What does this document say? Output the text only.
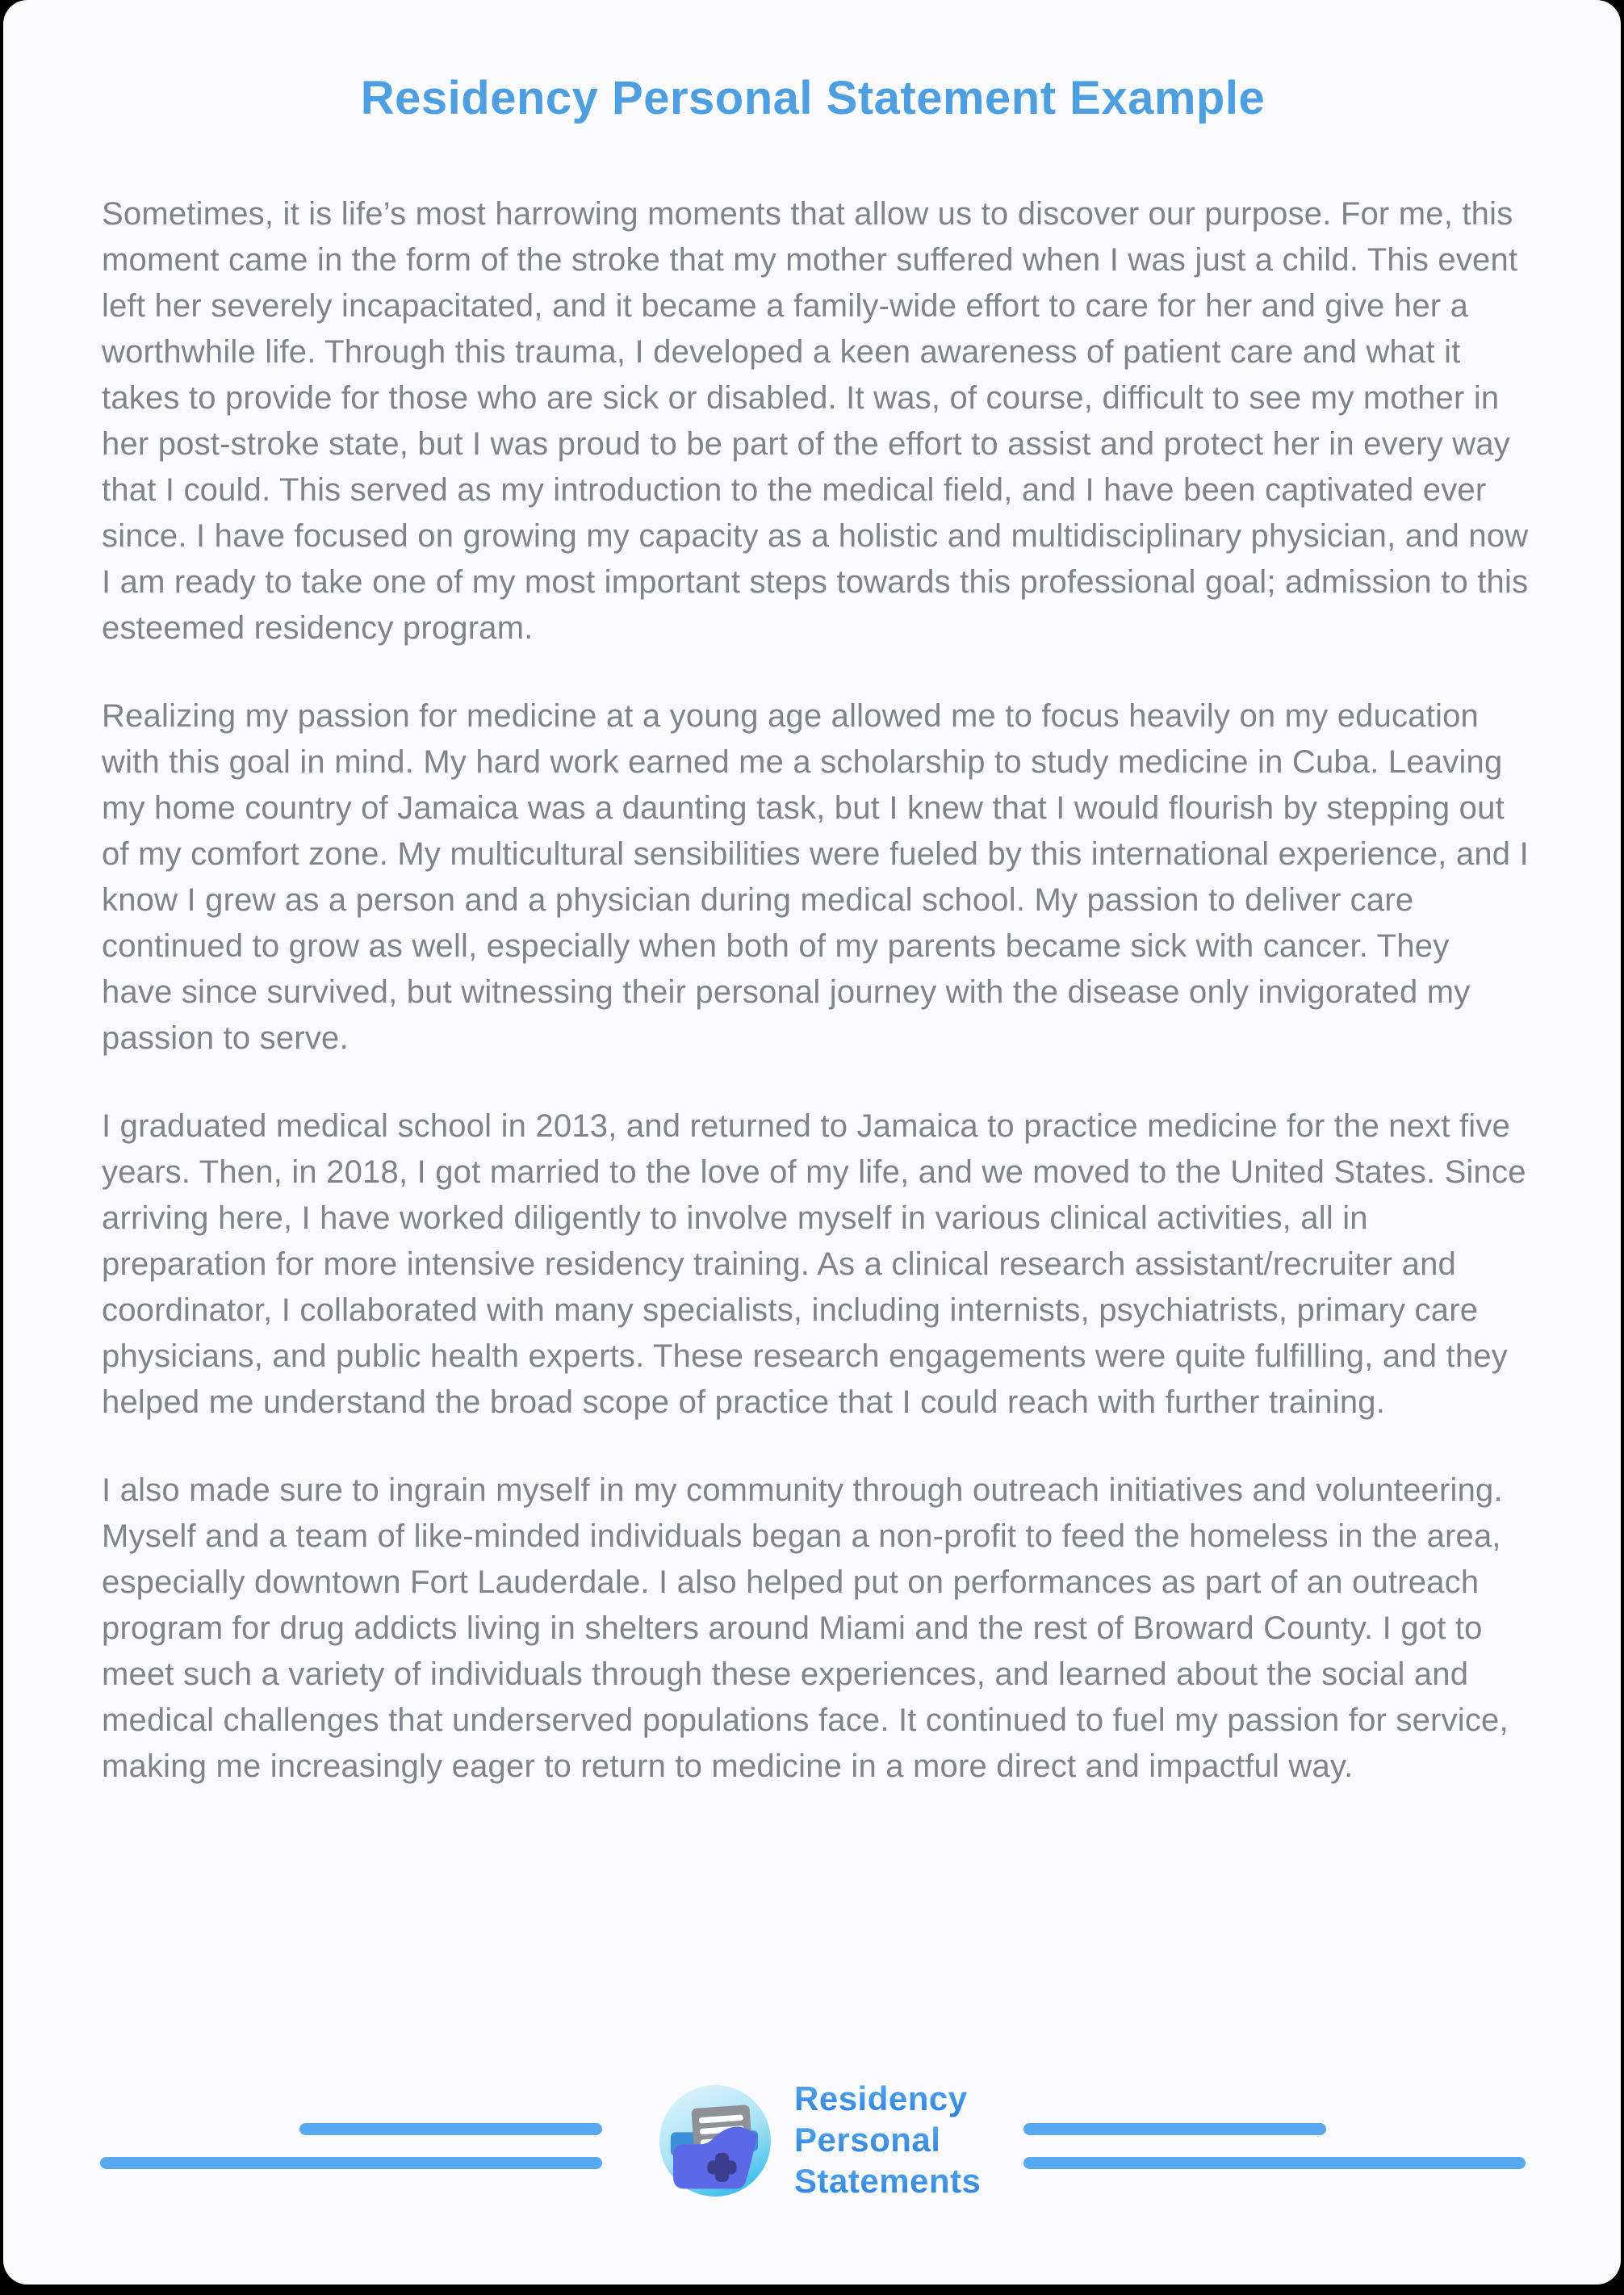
Residency Personal Statement Example

Sometimes, it is life’s most harrowing moments that allow us to discover our purpose. For me, this moment came in the form of the stroke that my mother suffered when I was just a child. This event left her severely incapacitated, and it became a family-wide effort to care for her and give her a worthwhile life. Through this trauma, I developed a keen awareness of patient care and what it takes to provide for those who are sick or disabled. It was, of course, difficult to see my mother in her post-stroke state, but I was proud to be part of the effort to assist and protect her in every way that I could. This served as my introduction to the medical field, and I have been captivated ever since. I have focused on growing my capacity as a holistic and multidisciplinary physician, and now I am ready to take one of my most important steps towards this professional goal; admission to this esteemed residency program.

Realizing my passion for medicine at a young age allowed me to focus heavily on my education with this goal in mind. My hard work earned me a scholarship to study medicine in Cuba. Leaving my home country of Jamaica was a daunting task, but I knew that I would flourish by stepping out of my comfort zone. My multicultural sensibilities were fueled by this international experience, and I know I grew as a person and a physician during medical school. My passion to deliver care continued to grow as well, especially when both of my parents became sick with cancer. They have since survived, but witnessing their personal journey with the disease only invigorated my passion to serve.

I graduated medical school in 2013, and returned to Jamaica to practice medicine for the next five years. Then, in 2018, I got married to the love of my life, and we moved to the United States. Since arriving here, I have worked diligently to involve myself in various clinical activities, all in preparation for more intensive residency training. As a clinical research assistant/recruiter and coordinator, I collaborated with many specialists, including internists, psychiatrists, primary care physicians, and public health experts. These research engagements were quite fulfilling, and they helped me understand the broad scope of practice that I could reach with further training.

I also made sure to ingrain myself in my community through outreach initiatives and volunteering. Myself and a team of like-minded individuals began a non-profit to feed the homeless in the area, especially downtown Fort Lauderdale. I also helped put on performances as part of an outreach program for drug addicts living in shelters around Miami and the rest of Broward County. I got to meet such a variety of individuals through these experiences, and learned about the social and medical challenges that underserved populations face. It continued to fuel my passion for service, making me increasingly eager to return to medicine in a more direct and impactful way.

Residency
Personal
Statements
